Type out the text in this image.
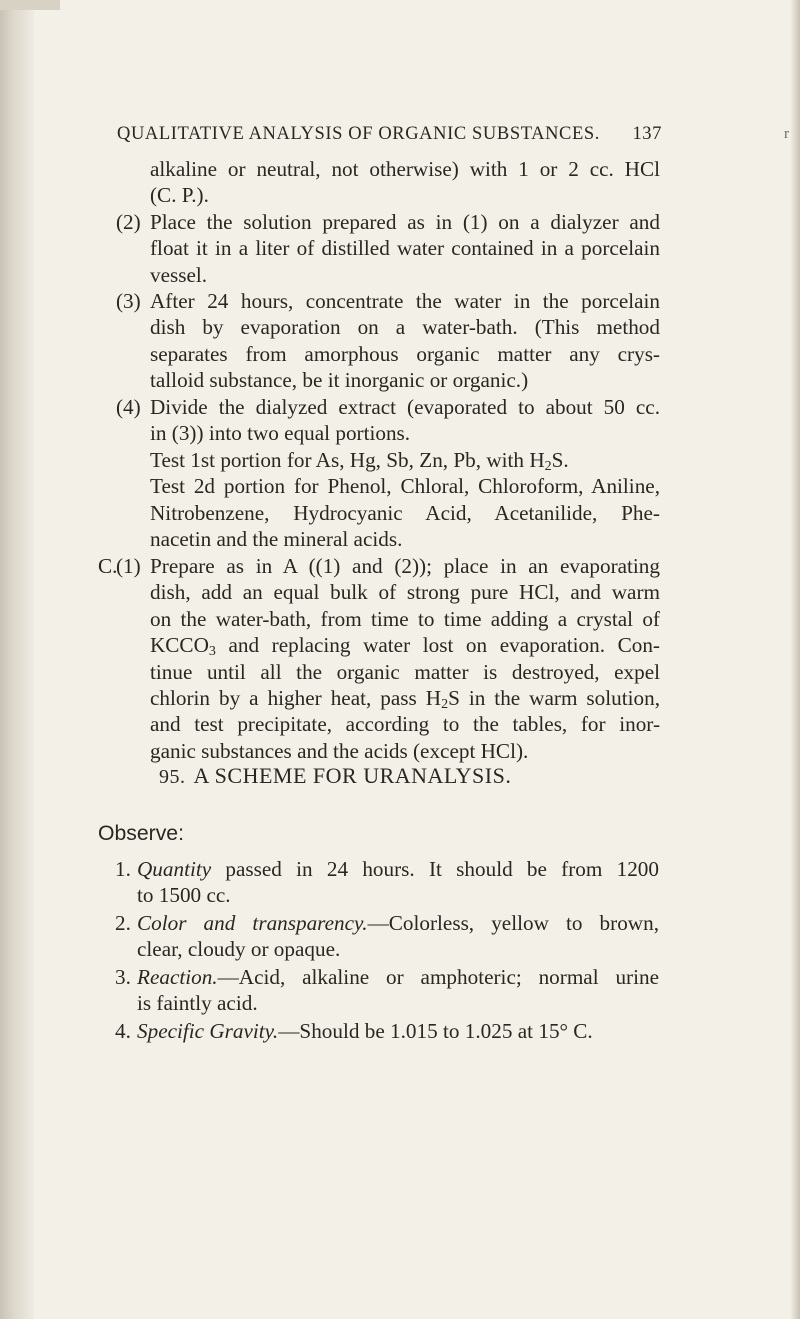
QUALITATIVE ANALYSIS OF ORGANIC SUBSTANCES. 137	r
alkaline or neutral, not otherwise) with 1 or 2 cc. HCl
(C. P.).
(2) Place the solution prepared as in (1) on a dialyzer and
float it in a liter of distilled water contained in a porcelain
vessel.
(3) After 24 hours, concentrate the water in the porcelain
dish by evaporation on a water-bath. (This method
separates from amorphous organic matter any crys-
talloid substance, be it inorganic or organic.)
(4) Divide the dialyzed extract (evaporated to about 50 cc.
in (3)) into two equal portions.
Test 1st portion for As, Hg, Sb, Zn, Pb, with $H_2S$.
Test 2d portion for Phenol, Chloral, Chloroform, Aniline,
Nitrobenzene, Hydrocyanic Acid, Acetanilide, Phe-
nacetin and the mineral acids.
C.
(1) Prepare as in A ((1) and (2)); place in an evaporating
dish, add an equal bulk of strong pure HCl, and warm
on the water-bath, from time to time adding a crystal of
$KCCO_3$ and replacing water lost on evaporation. Con-
tinue until all the organic matter is destroyed, expel
chlorin by a higher heat, pass $H_2S$ in the warm solution,
and test precipitate, according to the tables, for inor-
ganic substances and the acids (except HCl).
95. A SCHEME FOR URANALYSIS.
Observe:
1. Quantity passed in 24 hours. It should be from 1200
to 1500 cc.
2. Color and transparency.—Colorless, yellow to brown,
clear, cloudy or opaque.
3. Reaction.—Acid, alkaline or amphoteric; normal urine
is faintly acid.
4. Specific Gravity.—Should be 1.015 to 1.025 at 15° C.
